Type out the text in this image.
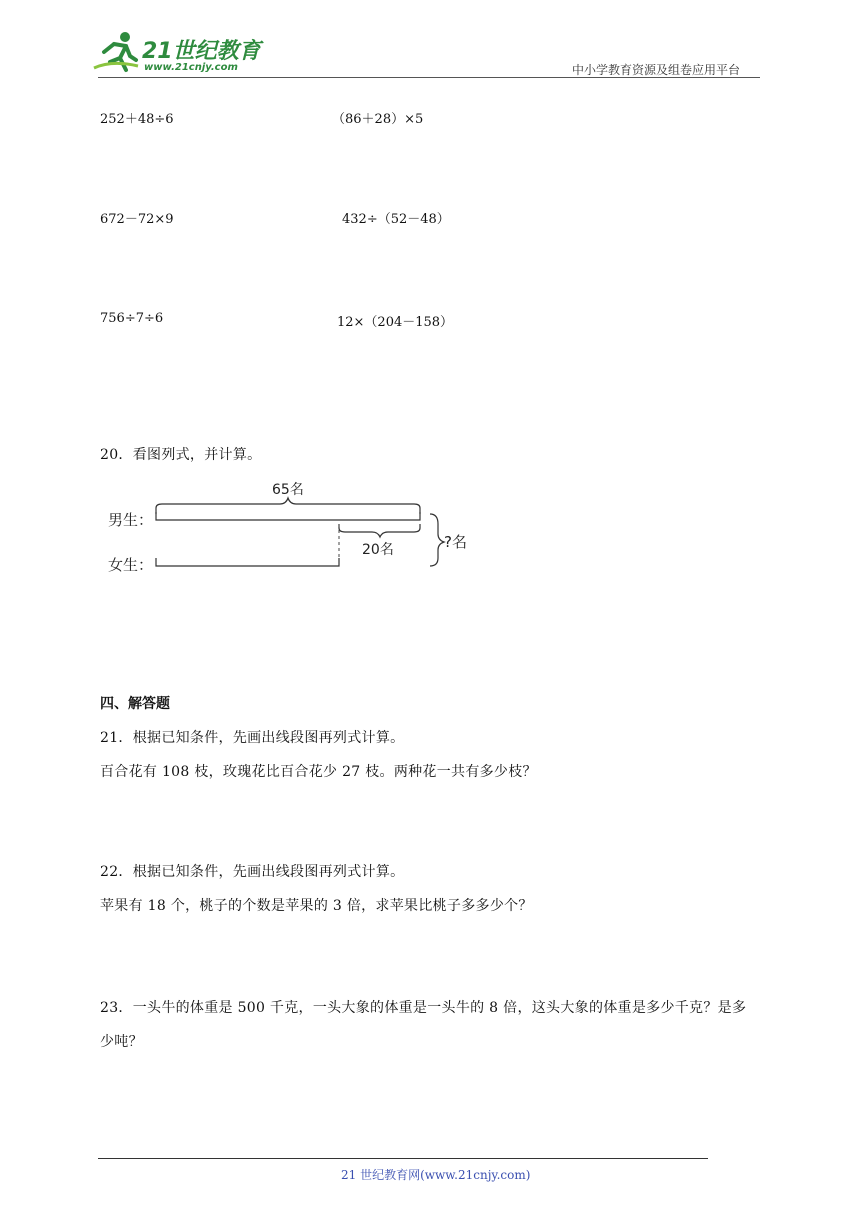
21世纪教育
www.21cnjy.com	中小学教育资源及组卷应用平台
252＋48÷6	（86＋28）×5
672－72×9	432÷（52－48）
756÷7÷6	12×（204－158）
20．看图列式，并计算。
65名
男生：
20名
女生：
?名
四、解答题
21．根据已知条件，先画出线段图再列式计算。
百合花有 108 枝，玫瑰花比百合花少 27 枝。两种花一共有多少枝？
22．根据已知条件，先画出线段图再列式计算。
苹果有 18 个，桃子的个数是苹果的 3 倍，求苹果比桃子多多少个？
23．一头牛的体重是 500 千克，一头大象的体重是一头牛的 8 倍，这头大象的体重是多少千克？是多
少吨？
21 世纪教育网(www.21cnjy.com)
